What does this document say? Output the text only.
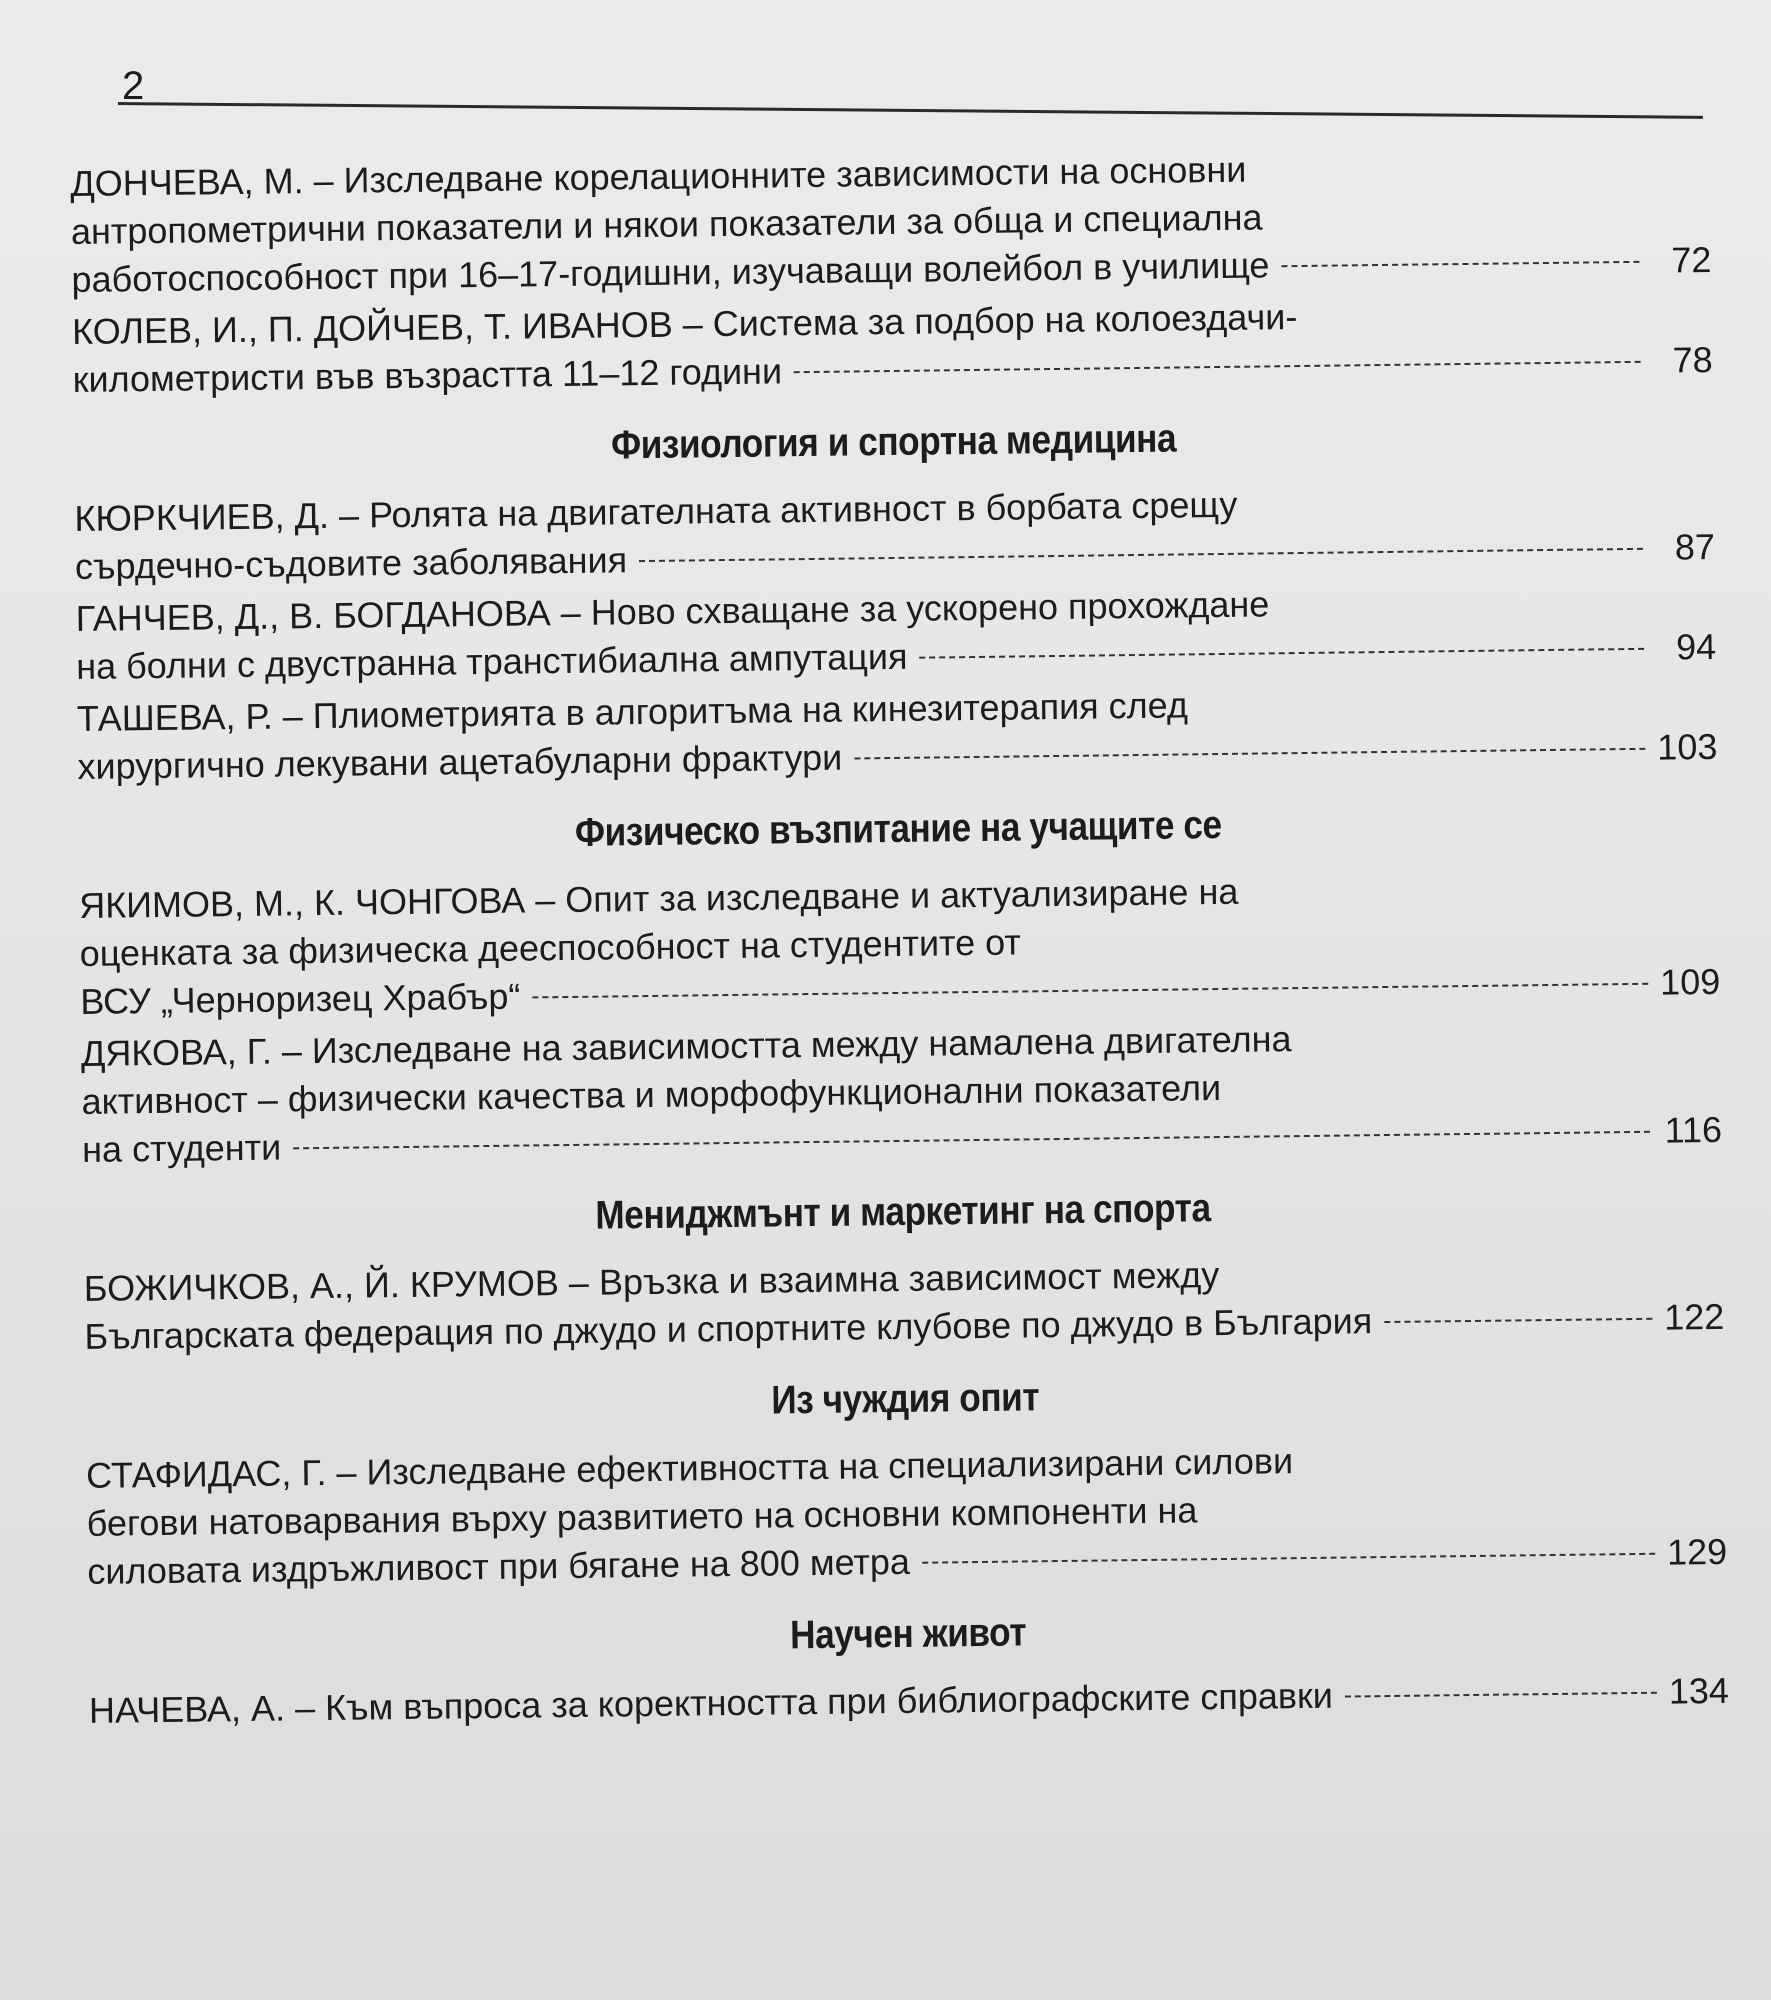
2
ДОНЧЕВА, М. – Изследване корелационните зависимости на основни
антропометрични показатели и някои показатели за обща и специална
работоспособност при 16–17-годишни, изучаващи волейбол в училище	72
КОЛЕВ, И., П. ДОЙЧЕВ, Т. ИВАНОВ – Система за подбор на колоездачи-
километристи във възрастта 11–12 години	78
Физиология и спортна медицина
КЮРКЧИЕВ, Д. – Ролята на двигателната активност в борбата срещу
сърдечно-съдовите заболявания	87
ГАНЧЕВ, Д., В. БОГДАНОВА – Ново схващане за ускорено прохождане
на болни с двустранна транстибиална ампутация	94
ТАШЕВА, Р. – Плиометрията в алгоритъма на кинезитерапия след
хирургично лекувани ацетабуларни фрактури	103
Физическо възпитание на учащите се
ЯКИМОВ, М., К. ЧОНГОВА – Опит за изследване и актуализиране на
оценката за физическа дееспособност на студентите от
ВСУ „Черноризец Храбър“	109
ДЯКОВА, Г. – Изследване на зависимостта между намалена двигателна
активност – физически качества и морфофункционални показатели
на студенти	116
Мениджмънт и маркетинг на спорта
БОЖИЧКОВ, А., Й. КРУМОВ – Връзка и взаимна зависимост между
Българската федерация по джудо и спортните клубове по джудо в България	122
Из чуждия опит
СТАФИДАС, Г. – Изследване ефективността на специализирани силови
бегови натоварвания върху развитието на основни компоненти на
силовата издръжливост при бягане на 800 метра	129
Научен живот
НАЧЕВА, А. – Към въпроса за коректността при библиографските справки	134
